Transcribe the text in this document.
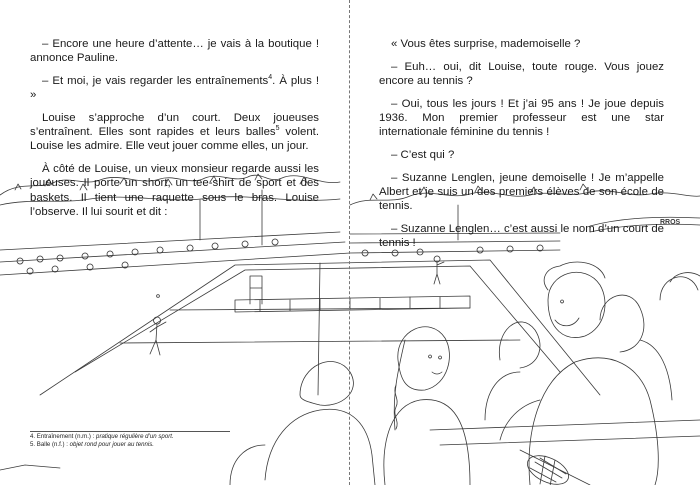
RROS

– Encore une heure d’attente… je vais à la boutique ! annonce Pauline.

– Et moi, je vais regarder les entraînements$^4$. À plus ! »

Louise s’approche d’un court. Deux joueuses s’entraînent. Elles sont rapides et leurs balles$^5$ volent. Louise les admire. Elle veut jouer comme elles, un jour.

À côté de Louise, un vieux monsieur regarde aussi les joueuses. Il porte un short, un tee-shirt de sport et des baskets. Il tient une raquette sous le bras. Louise l’observe. Il lui sourit et dit :

4. Entraînement (n.m.) : pratique régulière d’un sport.
5. Balle (n.f.) : objet rond pour jouer au tennis.

« Vous êtes surprise, mademoiselle ?

– Euh… oui, dit Louise, toute rouge. Vous jouez encore au tennis ?

– Oui, tous les jours ! Et j’ai 95 ans ! Je joue depuis 1936. Mon premier professeur est une star internationale féminine du tennis !

– C’est qui ?

– Suzanne Lenglen, jeune demoiselle ! Je m’appelle Albert et je suis un des premiers élèves de son école de tennis.

– Suzanne Lenglen… c’est aussi le nom d’un court de tennis !
